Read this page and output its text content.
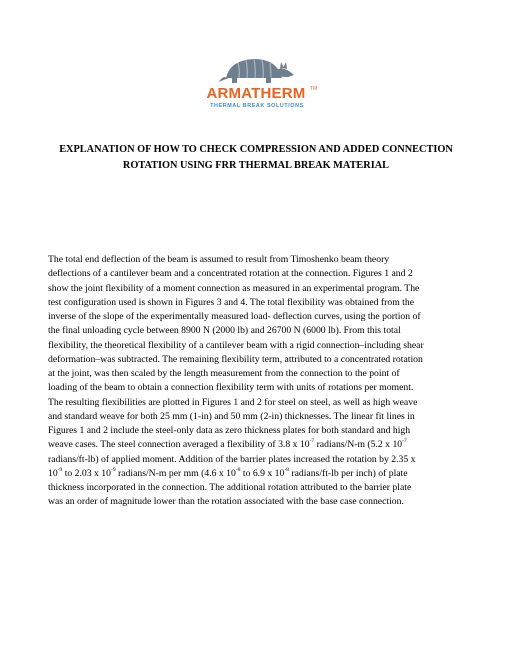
ARMATHERM TM
THERMAL BREAK SOLUTIONS
EXPLANATION OF HOW TO CHECK COMPRESSION AND ADDED CONNECTION
ROTATION USING FRR THERMAL BREAK MATERIAL
The total end deflection of the beam is assumed to result from Timoshenko beam theory
deflections of a cantilever beam and a concentrated rotation at the connection. Figures 1 and 2
show the joint flexibility of a moment connection as measured in an experimental program. The
test configuration used is shown in Figures 3 and 4. The total flexibility was obtained from the
inverse of the slope of the experimentally measured load- deflection curves, using the portion of
the final unloading cycle between 8900 N (2000 lb) and 26700 N (6000 lb). From this total
flexibility, the theoretical flexibility of a cantilever beam with a rigid connection–including shear
deformation–was subtracted. The remaining flexibility term, attributed to a concentrated rotation
at the joint, was then scaled by the length measurement from the connection to the point of
loading of the beam to obtain a connection flexibility term with units of rotations per moment.
The resulting flexibilities are plotted in Figures 1 and 2 for steel on steel, as well as high weave
and standard weave for both 25 mm (1-in) and 50 mm (2-in) thicknesses. The linear fit lines in
Figures 1 and 2 include the steel-only data as zero thickness plates for both standard and high
weave cases. The steel connection averaged a flexibility of 3.8 x $10^{-7}$ radians/N-m (5.2 x $10^{-7}$
radians/ft-lb) of applied moment. Addition of the barrier plates increased the rotation by 2.35 x
$10^{-9}$ to 2.03 x $10^{-9}$ radians/N-m per mm (4.6 x $10^{-8}$ to 6.9 x $10^{-8}$ radians/ft-lb per inch) of plate
thickness incorporated in the connection. The additional rotation attributed to the barrier plate
was an order of magnitude lower than the rotation associated with the base case connection.
